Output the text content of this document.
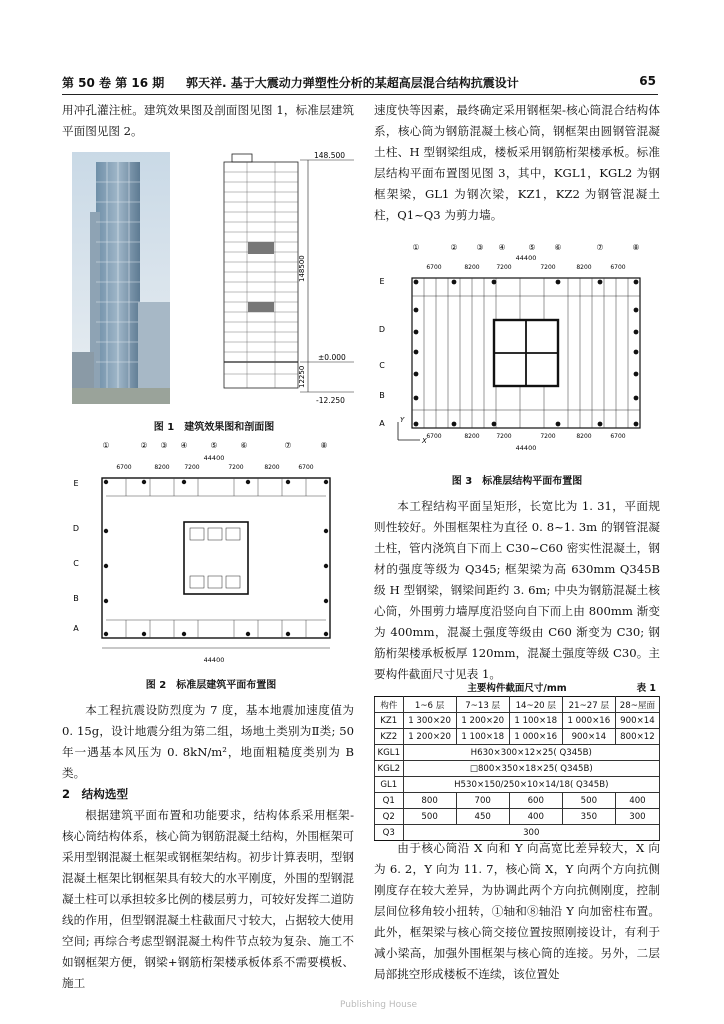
第 50 卷 第 16 期 郭天祥. 基于大震动力弹塑性分析的某超高层混合结构抗震设计	65

用冲孔灌注桩。建筑效果图及剖面图见图 1，标准层建筑平面图见图 2。

148.500
±0.000
-12.250
148500
12250
图 1　建筑效果图和剖面图
①	② ③ ④	⑤	⑥	⑦	⑧
44400
6700	8200 7200	7200	8200	6700
E
D
C
B
A
44400
图 2　标准层建筑平面布置图

本工程抗震设防烈度为 7 度，基本地震加速度值为 0. 15g，设计地震分组为第二组，场地土类别为Ⅱ类; 50 年一遇基本风压为 0. 8kN/m²，地面粗糙度类别为 B 类。

2　结构选型

根据建筑平面布置和功能要求，结构体系采用框架-核心筒结构体系，核心筒为钢筋混凝土结构，外围框架可采用型钢混凝土框架或钢框架结构。初步计算表明，型钢混凝土框架比钢框架具有较大的水平刚度，外围的型钢混凝土柱可以承担较多比例的楼层剪力，可较好发挥二道防线的作用，但型钢混凝土柱截面尺寸较大，占据较大使用空间; 再综合考虑型钢混凝土构件节点较为复杂、施工不如钢框架方便，钢梁+钢筋桁架楼承板体系不需要模板、施工

速度快等因素，最终确定采用钢框架-核心筒混合结构体系，核心筒为钢筋混凝土核心筒，钢框架由圆钢管混凝土柱、H 型钢梁组成，楼板采用钢筋桁架楼承板。标准层结构平面布置图见图 3，其中，KGL1，KGL2 为钢框架梁，GL1 为钢次梁，KZ1，KZ2 为钢管混凝土柱，Q1~Q3 为剪力墙。

①	② ③ ④	⑤ ⑥	⑦	⑧
44400
6700	8200	7200	7200	8200	6700
E
D
C
B
A
X
Y
6700	8200	7200	7200	8200	6700
44400
图 3　标准层结构平面布置图

本工程结构平面呈矩形，长宽比为 1. 31，平面规则性较好。外围框架柱为直径 0. 8~1. 3m 的钢管混凝土柱，管内浇筑自下而上 C30~C60 密实性混凝土，钢材的强度等级为 Q345; 框架梁为高 630mm Q345B 级 H 型钢梁，钢梁间距约 3. 6m; 中央为钢筋混凝土核心筒，外围剪力墙厚度沿竖向自下而上由 800mm 渐变为 400mm，混凝土强度等级由 C60 渐变为 C30; 钢筋桁架楼承板板厚 120mm，混凝土强度等级 C30。主要构件截面尺寸见表 1。

主要构件截面尺寸/mm	表 1
构件	1~6 层	7~13 层	14~20 层	21~27 层	28~屋面
KZ1	1 300×20	1 200×20	1 100×18	1 000×16	900×14
KZ2	1 200×20	1 100×18	1 000×16	900×14	800×12
KGL1	H630×300×12×25( Q345B)				
KGL2	□800×350×18×25( Q345B)				
GL1	H530×150/250×10×14/18( Q345B)				
Q1	800	700	600	500	400
Q2	500	450	400	350	300
Q3	300				

由于核心筒沿 X 向和 Y 向高宽比差异较大，X 向为 6. 2，Y 向为 11. 7，核心筒 X，Y 向两个方向抗侧刚度存在较大差异，为协调此两个方向抗侧刚度，控制层间位移角较小扭转，①轴和⑧轴沿 Y 向加密柱布置。此外，框架梁与核心筒交接位置按照刚接设计，有利于减小梁高，加强外围框架与核心筒的连接。另外，二层局部挑空形成楼板不连续，该位置处

Publishing House
